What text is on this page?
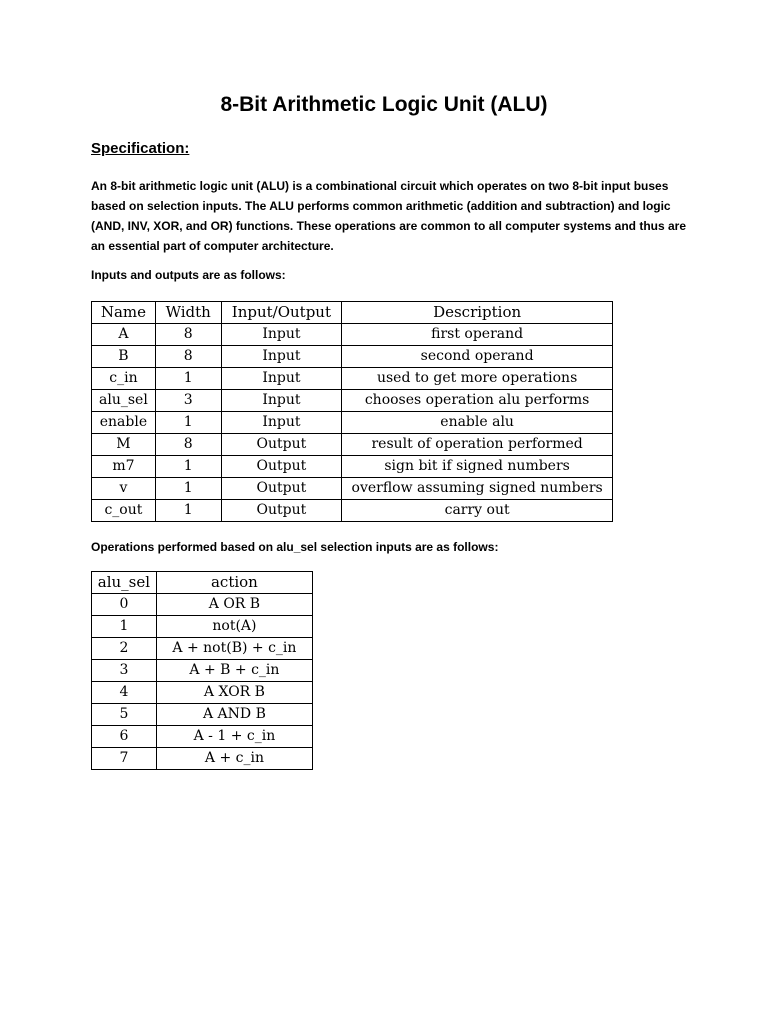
8-Bit Arithmetic Logic Unit (ALU)
Specification:

An 8-bit arithmetic logic unit (ALU) is a combinational circuit which operates on two 8-bit input buses
based on selection inputs. The ALU performs common arithmetic (addition and subtraction) and logic
(AND, INV, XOR, and OR) functions. These operations are common to all computer systems and thus are
an essential part of computer architecture.

Inputs and outputs are as follows:

Name	Width	Input/Output	Description
A	8	Input	first operand
B	8	Input	second operand
c_in	1	Input	used to get more operations
alu_sel	3	Input	chooses operation alu performs
enable	1	Input	enable alu
M	8	Output	result of operation performed
m7	1	Output	sign bit if signed numbers
v	1	Output	overflow assuming signed numbers
c_out	1	Output	carry out

Operations performed based on alu_sel selection inputs are as follows:

alu_sel	action
0	A OR B
1	not(A)
2	A + not(B) + c_in
3	A + B + c_in
4	A XOR B
5	A AND B
6	A - 1 + c_in
7	A + c_in
